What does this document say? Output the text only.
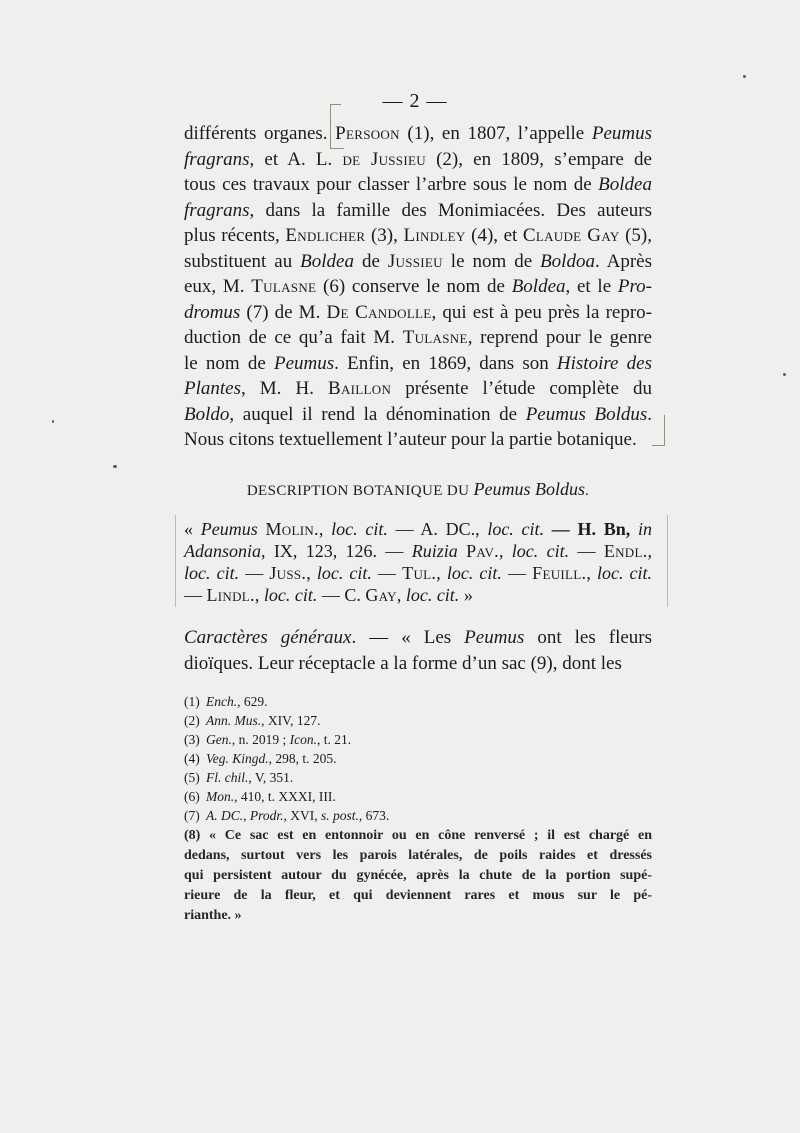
— 2 —
différents organes. Persoon (1), en 1807, l’appelle Peumus
fragrans, et A. L. de Jussieu (2), en 1809, s’empare de
tous ces travaux pour classer l’arbre sous le nom de Boldea
fragrans, dans la famille des Monimiacées. Des auteurs
plus récents, Endlicher (3), Lindley (4), et Claude Gay (5),
substituent au Boldea de Jussieu le nom de Boldoa. Après
eux, M. Tulasne (6) conserve le nom de Boldea, et le Pro-
dromus (7) de M. De Candolle, qui est à peu près la repro-
duction de ce qu’a fait M. Tulasne, reprend pour le genre
le nom de Peumus. Enfin, en 1869, dans son Histoire des
Plantes, M. H. Baillon présente l’étude complète du
Boldo, auquel il rend la dénomination de Peumus Boldus.
Nous citons textuellement l’auteur pour la partie botanique.
DESCRIPTION BOTANIQUE DU Peumus Boldus.
« Peumus Molin., loc. cit. — A. DC., loc. cit. — H. Bn, in
Adansonia, IX, 123, 126. — Ruizia Pav., loc. cit. — Endl.,
loc. cit. — Juss., loc. cit. — Tul., loc. cit. — Feuill., loc. cit.
— Lindl., loc. cit. — C. Gay, loc. cit. »
Caractères généraux. — « Les Peumus ont les fleurs
dioïques. Leur réceptacle a la forme d’un sac (9), dont les
(1) Ench., 629.
(2) Ann. Mus., XIV, 127.
(3) Gen., n. 2019 ; Icon., t. 21.
(4) Veg. Kingd., 298, t. 205.
(5) Fl. chil., V, 351.
(6) Mon., 410, t. XXXI, III.
(7) A. DC., Prodr., XVI, s. post., 673.
(8) « Ce sac est en entonnoir ou en cône renversé ; il est chargé en
dedans, surtout vers les parois latérales, de poils raides et dressés
qui persistent autour du gynécée, après la chute de la portion supé-
rieure de la fleur, et qui deviennent rares et mous sur le pé-
rianthe. »
